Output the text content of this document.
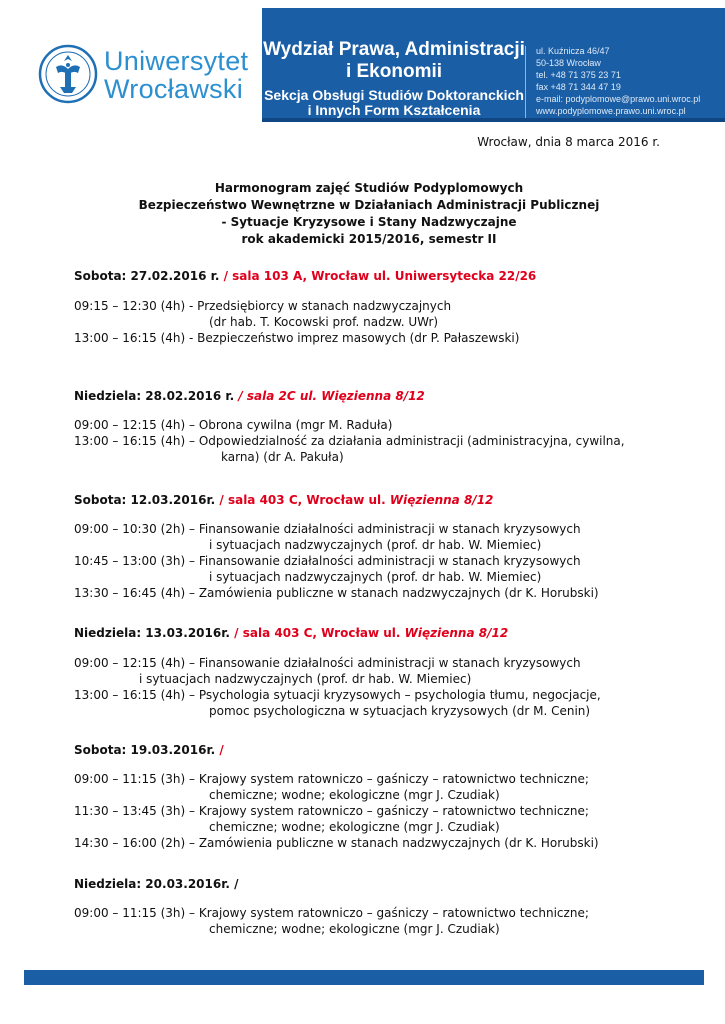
Uniwersytet
Wrocławski
Wydział Prawa, Administracji
i Ekonomii
Sekcja Obsługi Studiów Doktoranckich
i Innych Form Kształcenia
ul. Kuźnicza 46/47
50-138 Wrocław
tel. +48 71 375 23 71
fax +48 71 344 47 19
e-mail: podyplomowe@prawo.uni.wroc.pl
www.podyplomowe.prawo.uni.wroc.pl
Wrocław, dnia 8 marca 2016 r.
Harmonogram zajęć Studiów Podyplomowych
Bezpieczeństwo Wewnętrzne w Działaniach Administracji Publicznej
- Sytuacje Kryzysowe i Stany Nadzwyczajne
rok akademicki 2015/2016, semestr II
Sobota: 27.02.2016 r. / sala 103 A, Wrocław ul. Uniwersytecka 22/26
09:15 – 12:30 (4h) - Przedsiębiorcy w stanach nadzwyczajnych
(dr hab. T. Kocowski prof. nadzw. UWr)
13:00 – 16:15 (4h) - Bezpieczeństwo imprez masowych (dr P. Pałaszewski)
Niedziela: 28.02.2016 r. / sala 2C ul. Więzienna 8/12
09:00 – 12:15 (4h) – Obrona cywilna (mgr M. Raduła)
13:00 – 16:15 (4h) – Odpowiedzialność za działania administracji (administracyjna, cywilna,
karna) (dr A. Pakuła)
Sobota: 12.03.2016r. / sala 403 C, Wrocław ul. Więzienna 8/12
09:00 – 10:30 (2h) – Finansowanie działalności administracji w stanach kryzysowych
i sytuacjach nadzwyczajnych (prof. dr hab. W. Miemiec)
10:45 – 13:00 (3h) – Finansowanie działalności administracji w stanach kryzysowych
i sytuacjach nadzwyczajnych (prof. dr hab. W. Miemiec)
13:30 – 16:45 (4h) – Zamówienia publiczne w stanach nadzwyczajnych (dr K. Horubski)
Niedziela: 13.03.2016r. / sala 403 C, Wrocław ul. Więzienna 8/12
09:00 – 12:15 (4h) – Finansowanie działalności administracji w stanach kryzysowych
i sytuacjach nadzwyczajnych (prof. dr hab. W. Miemiec)
13:00 – 16:15 (4h) – Psychologia sytuacji kryzysowych – psychologia tłumu, negocjacje,
pomoc psychologiczna w sytuacjach kryzysowych (dr M. Cenin)
Sobota: 19.03.2016r. /
09:00 – 11:15 (3h) – Krajowy system ratowniczo – gaśniczy – ratownictwo techniczne;
chemiczne; wodne; ekologiczne (mgr J. Czudiak)
11:30 – 13:45 (3h) – Krajowy system ratowniczo – gaśniczy – ratownictwo techniczne;
chemiczne; wodne; ekologiczne (mgr J. Czudiak)
14:30 – 16:00 (2h) – Zamówienia publiczne w stanach nadzwyczajnych (dr K. Horubski)
Niedziela: 20.03.2016r. /
09:00 – 11:15 (3h) – Krajowy system ratowniczo – gaśniczy – ratownictwo techniczne;
chemiczne; wodne; ekologiczne (mgr J. Czudiak)
